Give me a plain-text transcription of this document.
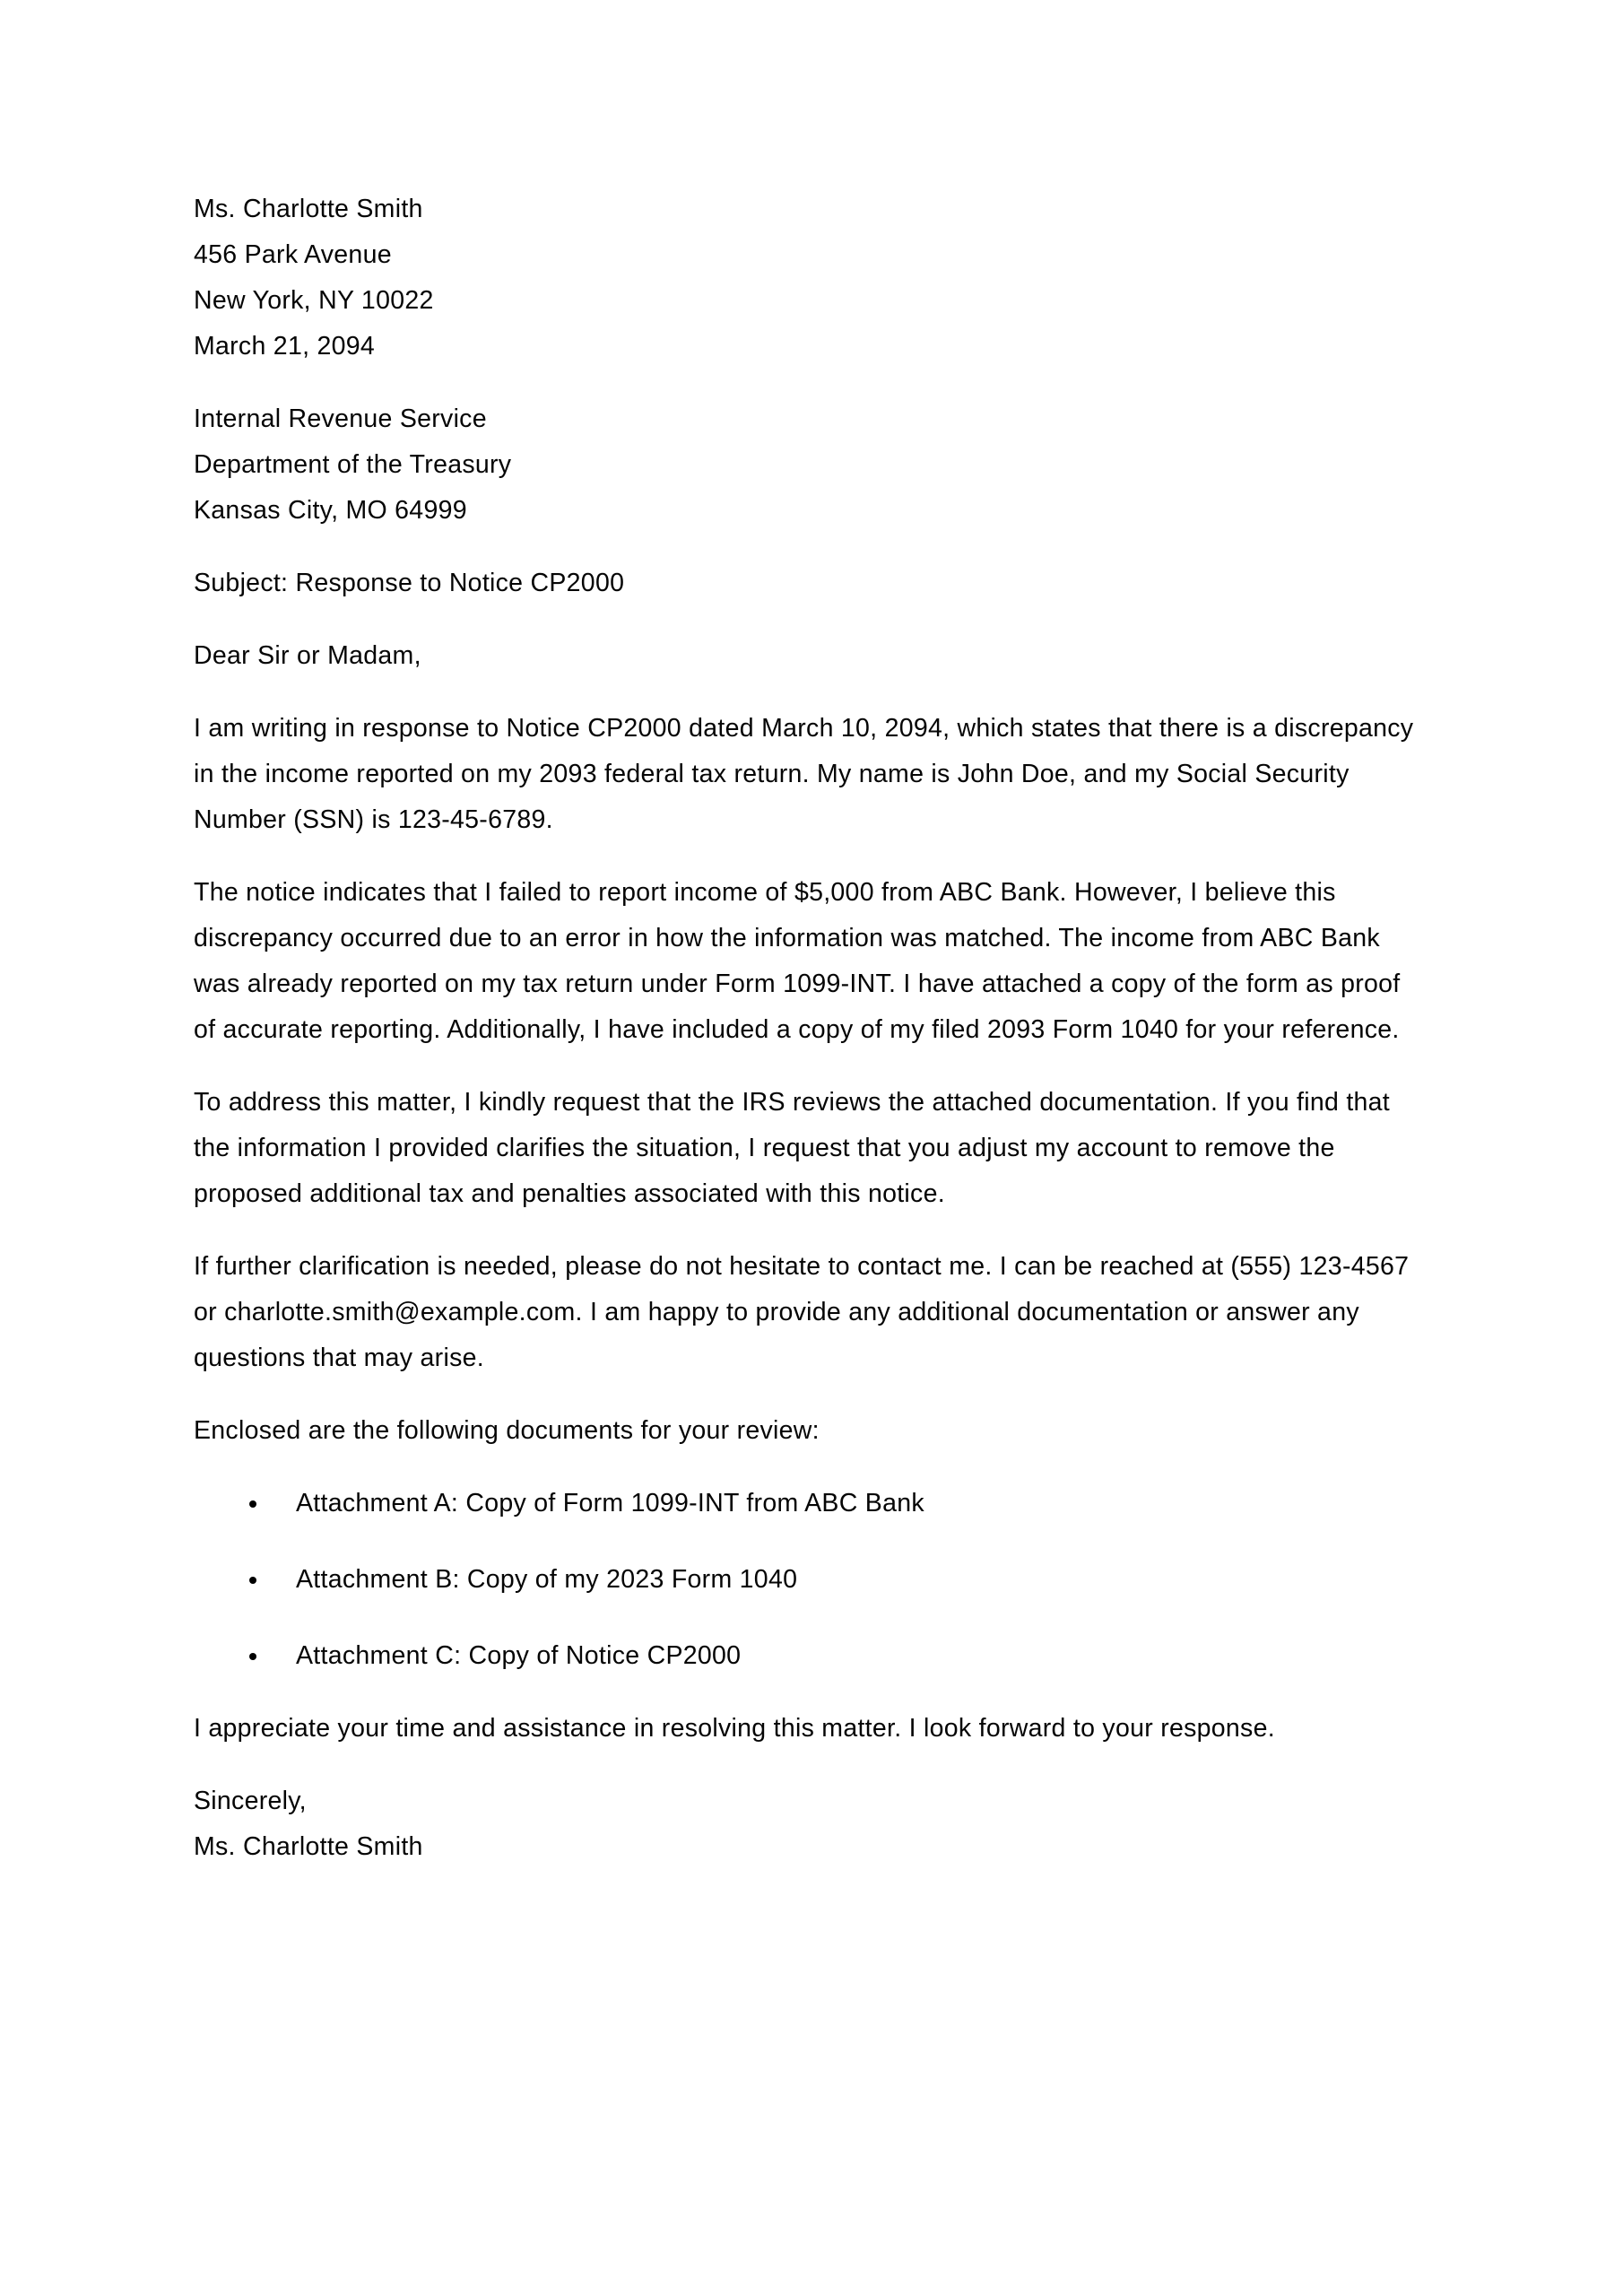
Ms. Charlotte Smith
456 Park Avenue
New York, NY 10022
March 21, 2094
Internal Revenue Service
Department of the Treasury
Kansas City, MO 64999
Subject: Response to Notice CP2000
Dear Sir or Madam,

I am writing in response to Notice CP2000 dated March 10, 2094, which states that there is a discrepancy in the income reported on my 2093 federal tax return. My name is John Doe, and my Social Security Number (SSN) is 123-45-6789.

The notice indicates that I failed to report income of $5,000 from ABC Bank. However, I believe this discrepancy occurred due to an error in how the information was matched. The income from ABC Bank was already reported on my tax return under Form 1099-INT. I have attached a copy of the form as proof of accurate reporting. Additionally, I have included a copy of my filed 2093 Form 1040 for your reference.

To address this matter, I kindly request that the IRS reviews the attached documentation. If you find that the information I provided clarifies the situation, I request that you adjust my account to remove the proposed additional tax and penalties associated with this notice.

If further clarification is needed, please do not hesitate to contact me. I can be reached at (555) 123-4567 or charlotte.smith@example.com. I am happy to provide any additional documentation or answer any questions that may arise.

Enclosed are the following documents for your review:

Attachment A: Copy of Form 1099-INT from ABC Bank
Attachment B: Copy of my 2023 Form 1040
Attachment C: Copy of Notice CP2000

I appreciate your time and assistance in resolving this matter. I look forward to your response.

Sincerely,
Ms. Charlotte Smith
